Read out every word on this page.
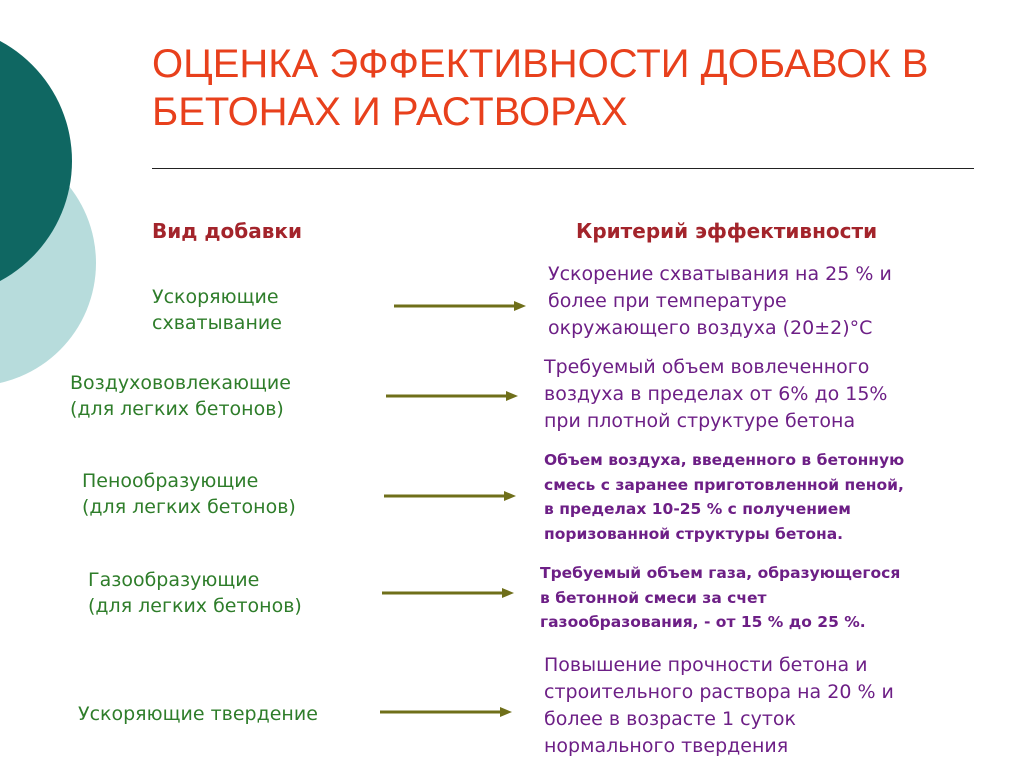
ОЦЕНКА ЭФФЕКТИВНОСТИ ДОБАВОК В
БЕТОНАХ И РАСТВОРАХ
Вид добавки	Критерий эффективности

Ускоряющие
схватывание

Ускорение схватывания на 25 % и
более при температуре
окружающего воздуха (20±2)°С

Воздухововлекающие
(для легких бетонов)

Требуемый объем вовлеченного
воздуха в пределах от 6% до 15%
при плотной структуре бетона

Пенообразующие
(для легких бетонов)

Объем воздуха, введенного в бетонную
смесь с заранее приготовленной пеной,
в пределах 10-25 % с получением
поризованной структуры бетона.

Газообразующие
(для легких бетонов)

Требуемый объем газа, образующегося
в бетонной смеси за счет
газообразования, - от 15 % до 25 %.

Ускоряющие твердение

Повышение прочности бетона и
строительного раствора на 20 % и
более в возрасте 1 суток
нормального твердения
